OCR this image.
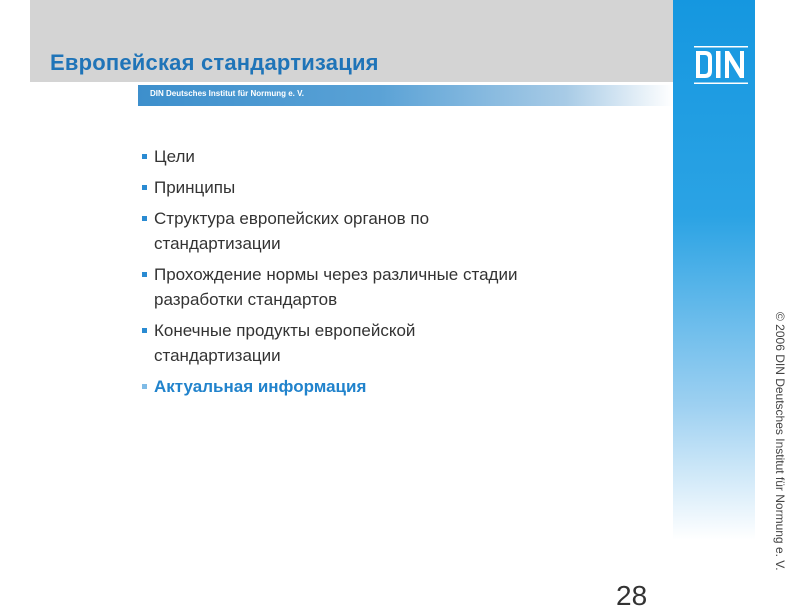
Европейская стандартизация
DIN Deutsches Institut für Normung e. V.
© 2006 DIN Deutsches Institut für Normung e. V.
Цели
Принципы
Структура европейских органов по стандартизации
Прохождение нормы через различные стадии разработки стандартов
Конечные продукты европейской стандартизации
Актуальная информация
28
